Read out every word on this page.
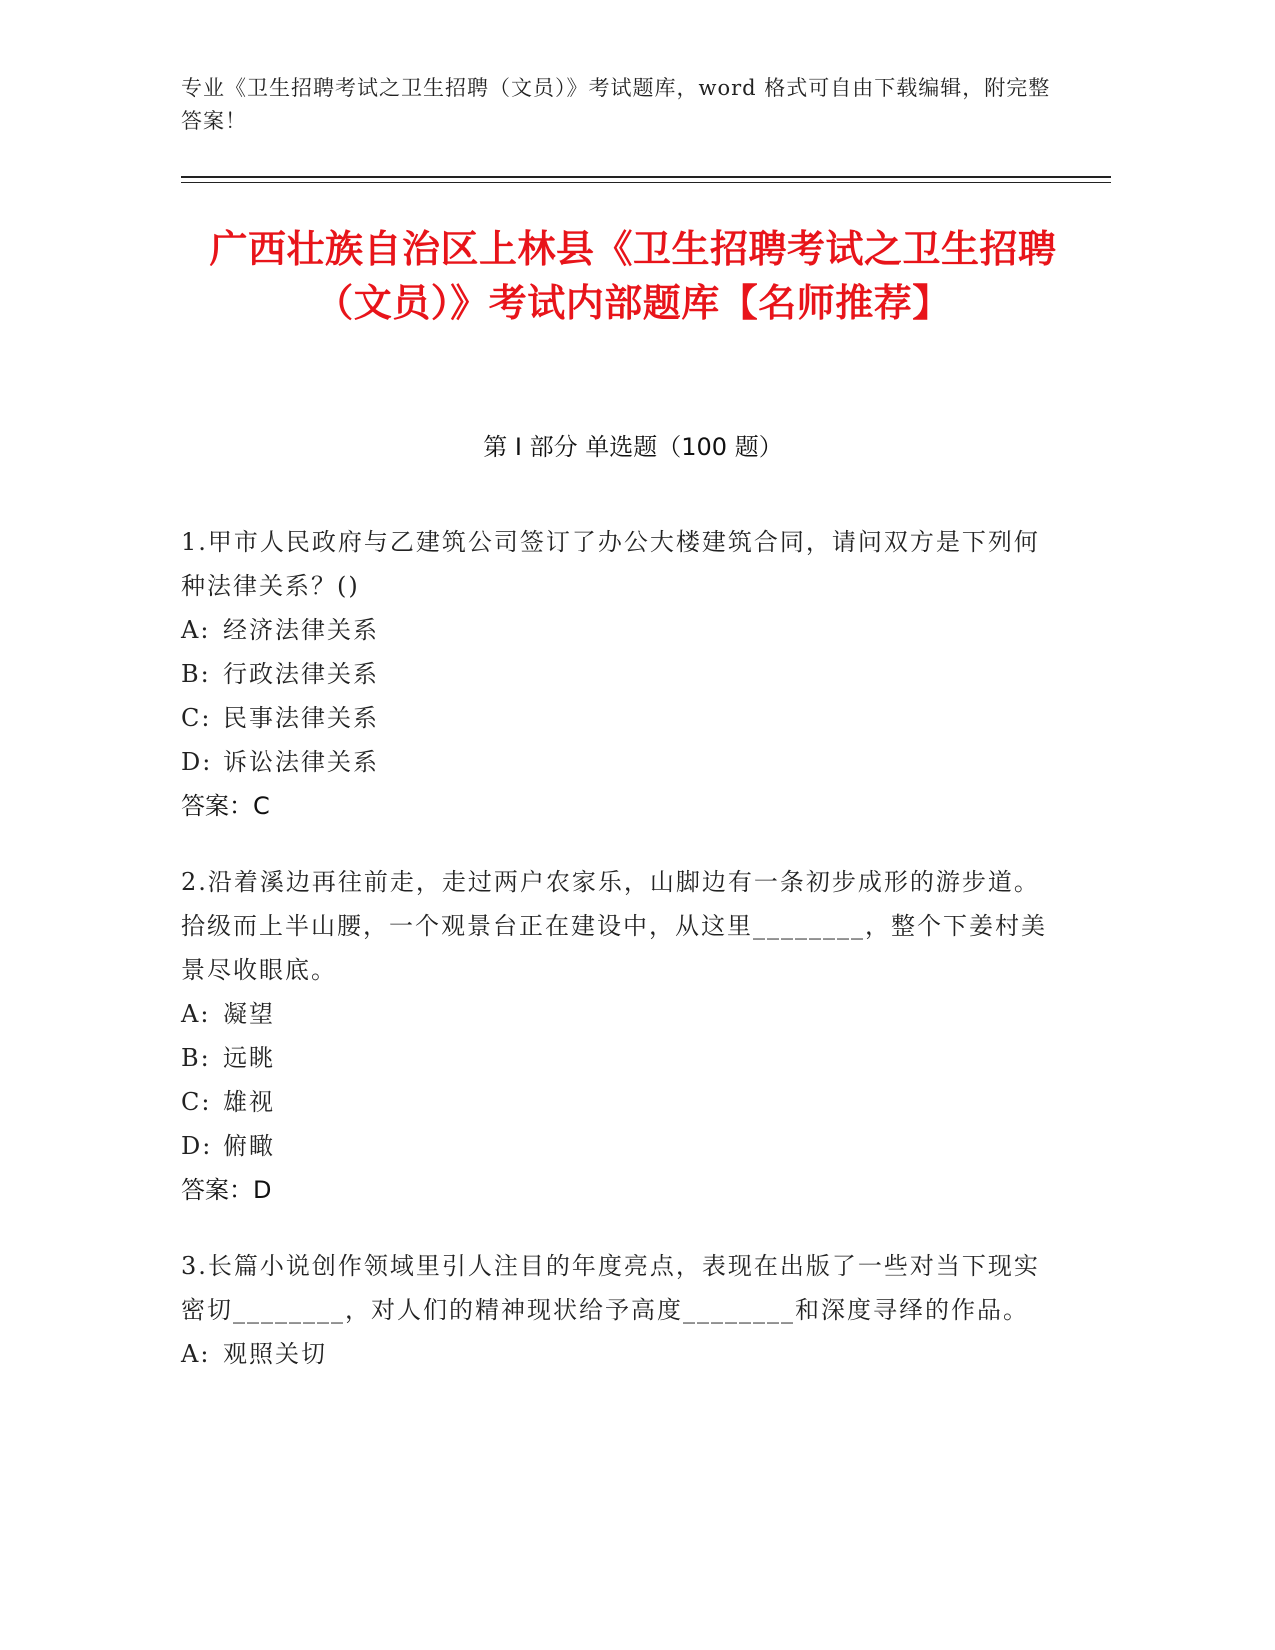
专业《卫生招聘考试之卫生招聘（文员）》考试题库，word 格式可自由下载编辑，附完整答案！
广西壮族自治区上林县《卫生招聘考试之卫生招聘（文员）》考试内部题库【名师推荐】
第 I 部分 单选题（100 题）

1.甲市人民政府与乙建筑公司签订了办公大楼建筑合同，请问双方是下列何种法律关系？()

A: 经济法律关系

B: 行政法律关系

C: 民事法律关系

D: 诉讼法律关系

答案：C

2.沿着溪边再往前走，走过两户农家乐，山脚边有一条初步成形的游步道。拾级而上半山腰，一个观景台正在建设中，从这里________，整个下姜村美景尽收眼底。

A: 凝望

B: 远眺

C: 雄视

D: 俯瞰

答案：D

3.长篇小说创作领域里引人注目的年度亮点，表现在出版了一些对当下现实密切________，对人们的精神现状给予高度________和深度寻绎的作品。

A: 观照关切
